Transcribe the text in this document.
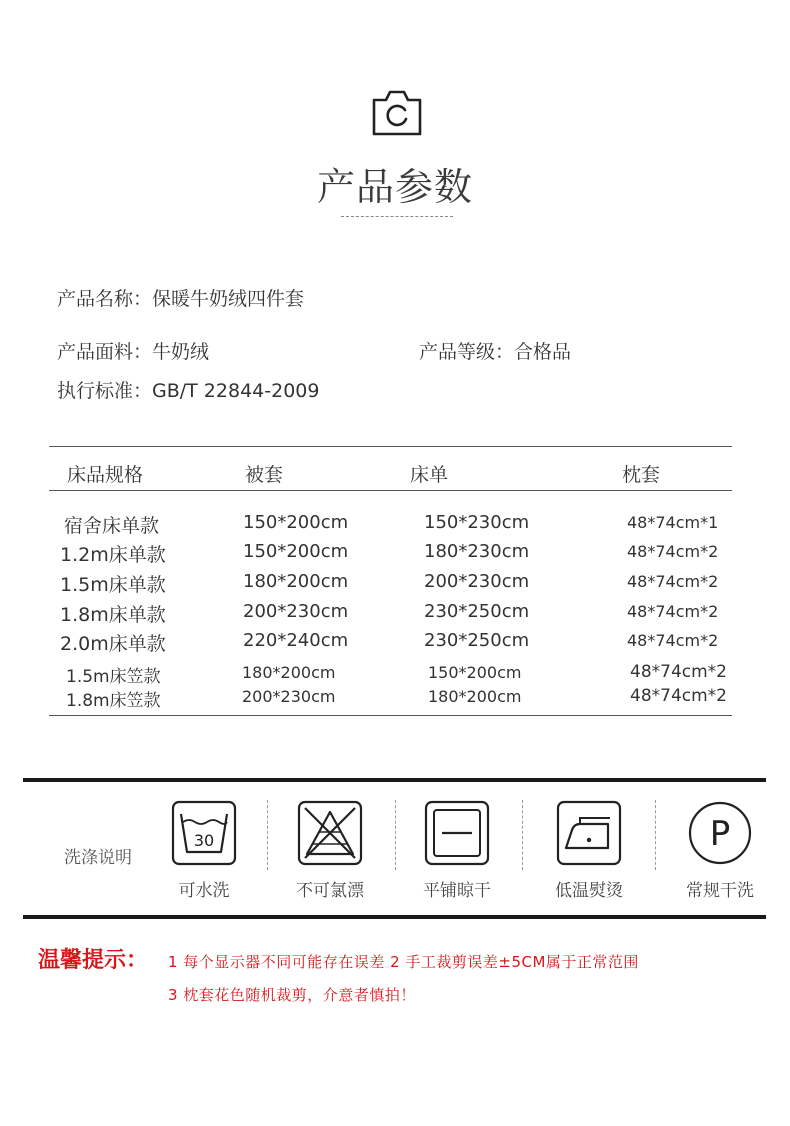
产品参数
产品名称：保暖牛奶绒四件套
产品面料：牛奶绒	产品等级：合格品
执行标准：GB/T 22844-2009
床品规格	被套	床单	枕套
宿舍床单款	150*200cm	150*230cm	48*74cm*1
1.2m床单款	150*200cm	180*230cm	48*74cm*2
1.5m床单款	180*200cm	200*230cm	48*74cm*2
1.8m床单款	200*230cm	230*250cm	48*74cm*2
2.0m床单款	220*240cm	230*250cm	48*74cm*2
1.5m床笠款	180*200cm	150*200cm	48*74cm*2
1.8m床笠款	200*230cm	180*200cm	48*74cm*2
洗涤说明
30
可水洗	不可氯漂	平铺晾干	低温熨烫
P
常规干洗
温馨提示： 1 每个显示器不同可能存在误差 2 手工裁剪误差±5CM属于正常范围
3 枕套花色随机裁剪，介意者慎拍！
